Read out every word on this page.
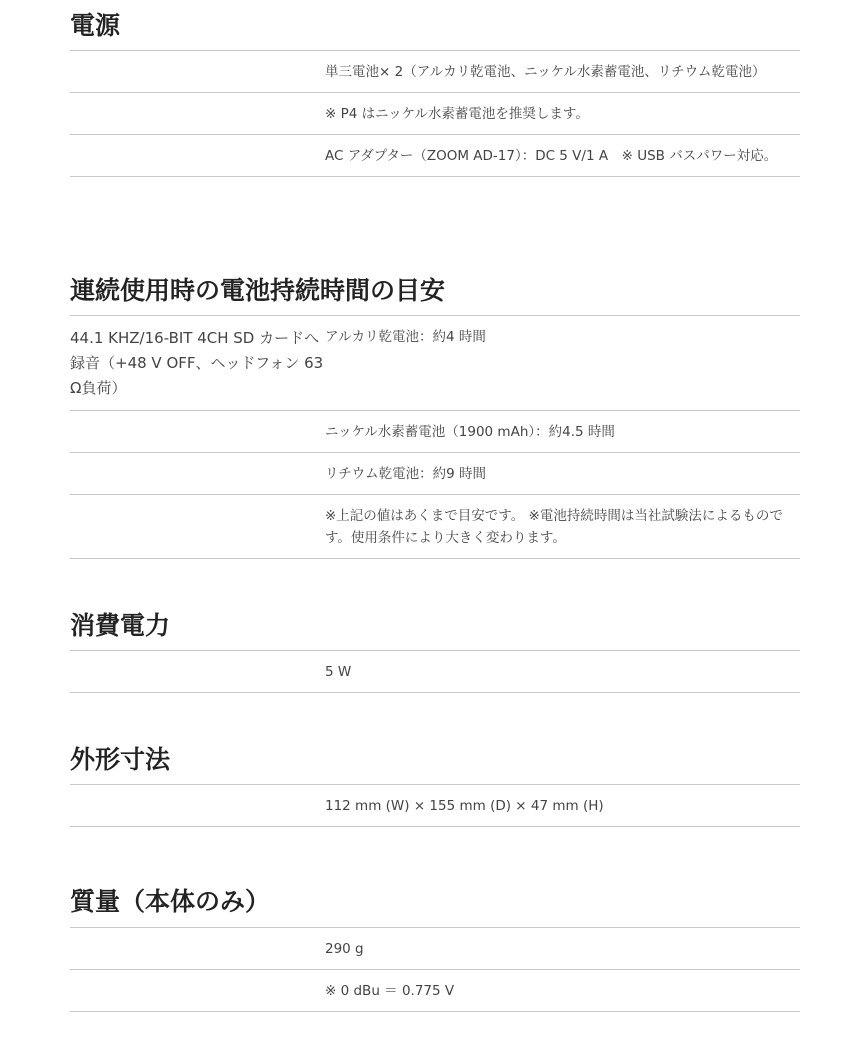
電源
単三電池× 2（アルカリ乾電池、ニッケル水素蓄電池、リチウム乾電池）
※ P4 はニッケル水素蓄電池を推奨します。
AC アダプター（ZOOM AD-17）：DC 5 V/1 A　※ USB バスパワー対応。
連続使用時の電池持続時間の目安
44.1 KHZ/16-BIT 4CH SD カードへ録音（+48 V OFF、ヘッドフォン 63 Ω負荷）
アルカリ乾電池：約4 時間
ニッケル水素蓄電池（1900 mAh）：約4.5 時間
リチウム乾電池：約9 時間
※上記の値はあくまで目安です。 ※電池持続時間は当社試験法によるものです。使用条件により大きく変わります。
消費電力
5 W
外形寸法
112 mm (W) × 155 mm (D) × 47 mm (H)
質量（本体のみ）
290 g
※ 0 dBu ＝ 0.775 V
